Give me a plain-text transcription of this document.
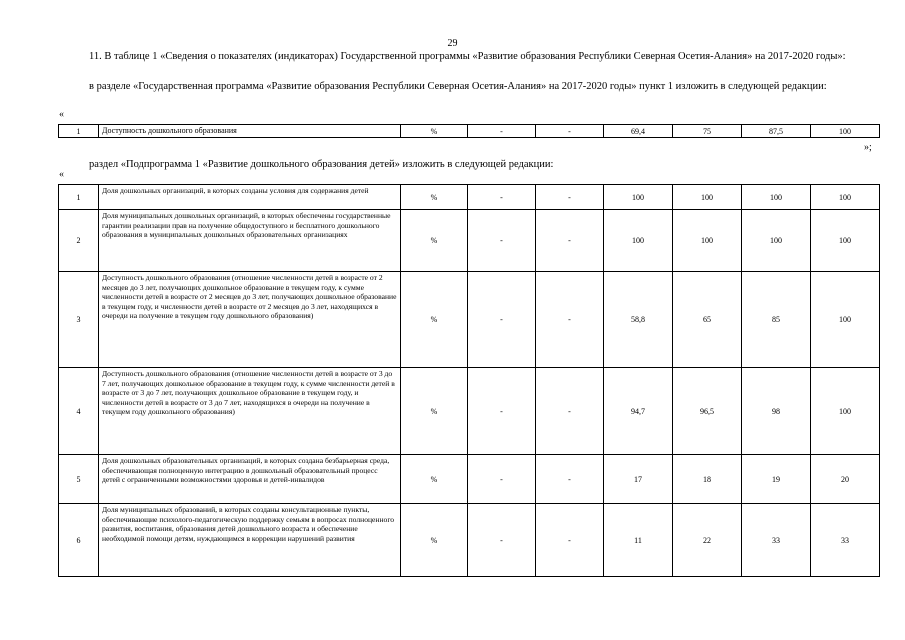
29
11. В таблице 1 «Сведения о показателях (индикаторах) Государственной программы «Развитие образования Республики Северная Осетия-Алания» на 2017-2020 годы»:
в разделе «Государственная программа «Развитие образования Республики Северная Осетия-Алания» на 2017-2020 годы» пункт 1 изложить в следующей редакции:
«
1	Доступность дошкольного образования	%	-	-	69,4	75	87,5	100
»;
раздел «Подпрограмма 1 «Развитие дошкольного образования детей» изложить в следующей редакции:
«
1	Доля дошкольных организаций, в которых созданы условия для содержания детей	%	-	-	100	100	100	100
2	Доля муниципальных дошкольных организаций, в которых обеспечены государственные гарантии реализации прав на получение общедоступного и бесплатного дошкольного образования в муниципальных дошкольных образовательных организациях	%	-	-	100	100	100	100
3	Доступность дошкольного образования (отношение численности детей в возрасте от 2 месяцев до 3 лет, получающих дошкольное образование в текущем году, к сумме численности детей в возрасте от 2 месяцев до 3 лет, получающих дошкольное образование в текущем году, и численности детей в возрасте от 2 месяцев до 3 лет, находящихся в очереди на получение в текущем году дошкольного образования)	%	-	-	58,8	65	85	100
4	Доступность дошкольного образования (отношение численности детей в возрасте от 3 до 7 лет, получающих дошкольное образование в текущем году, к сумме численности детей в возрасте от 3 до 7 лет, получающих дошкольное образование в текущем году, и численности детей в возрасте от 3 до 7 лет, находящихся в очереди на получение в текущем году дошкольного образования)	%	-	-	94,7	96,5	98	100
5	Доля дошкольных образовательных организаций, в которых создана безбарьерная среда, обеспечивающая полноценную интеграцию в дошкольный образовательный процесс детей с ограниченными возможностями здоровья и детей-инвалидов	%	-	-	17	18	19	20
6	Доля муниципальных образований, в которых созданы консультационные пункты, обеспечивающие психолого-педагогическую поддержку семьям в вопросах полноценного развития, воспитания, образования детей дошкольного возраста и обеспечение необходимой помощи детям, нуждающимся в коррекции нарушений развития	%	-	-	11	22	33	33
